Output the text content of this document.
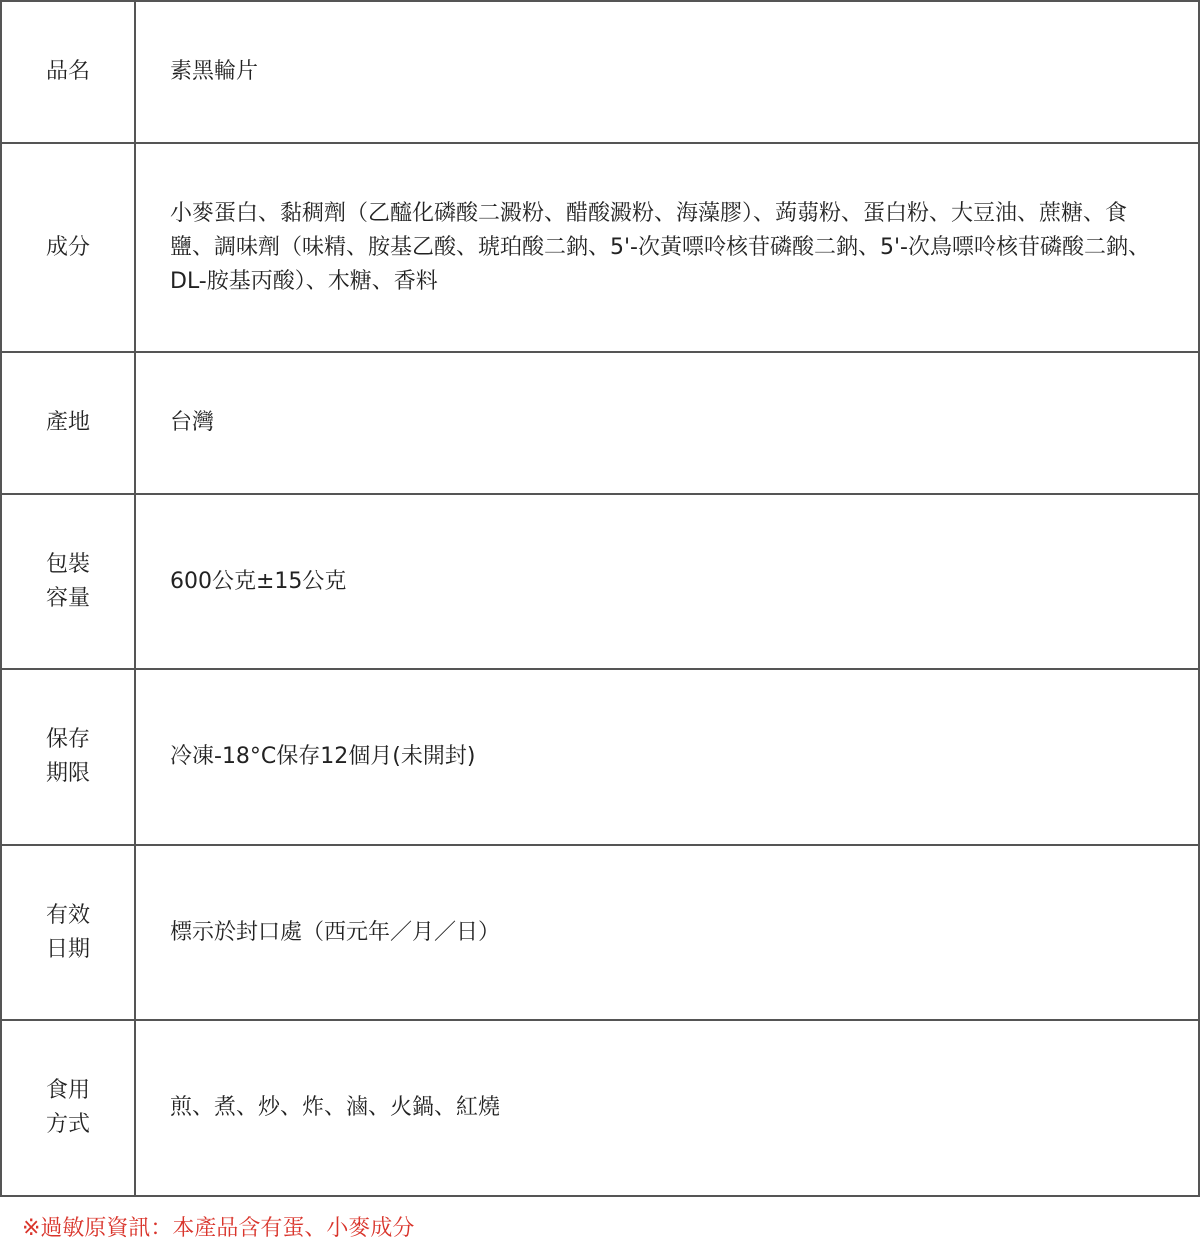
品名	素黑輪片
成分
小麥蛋白、黏稠劑（乙醯化磷酸二澱粉、醋酸澱粉、海藻膠）、蒟蒻粉、蛋白粉、大豆油、蔗糖、食鹽、調味劑（味精、胺基乙酸、琥珀酸二鈉、5'-次黃嘌呤核苷磷酸二鈉、5'-次鳥嘌呤核苷磷酸二鈉、DL-胺基丙酸）、木糖、香料
產地	台灣
包裝
容量
600公克±15公克
保存
期限
冷凍-18°C保存12個月(未開封)
有效
日期
標示於封口處（西元年／月／日）
食用
方式
煎、煮、炒、炸、滷、火鍋、紅燒
※過敏原資訊：本產品含有蛋、小麥成分
